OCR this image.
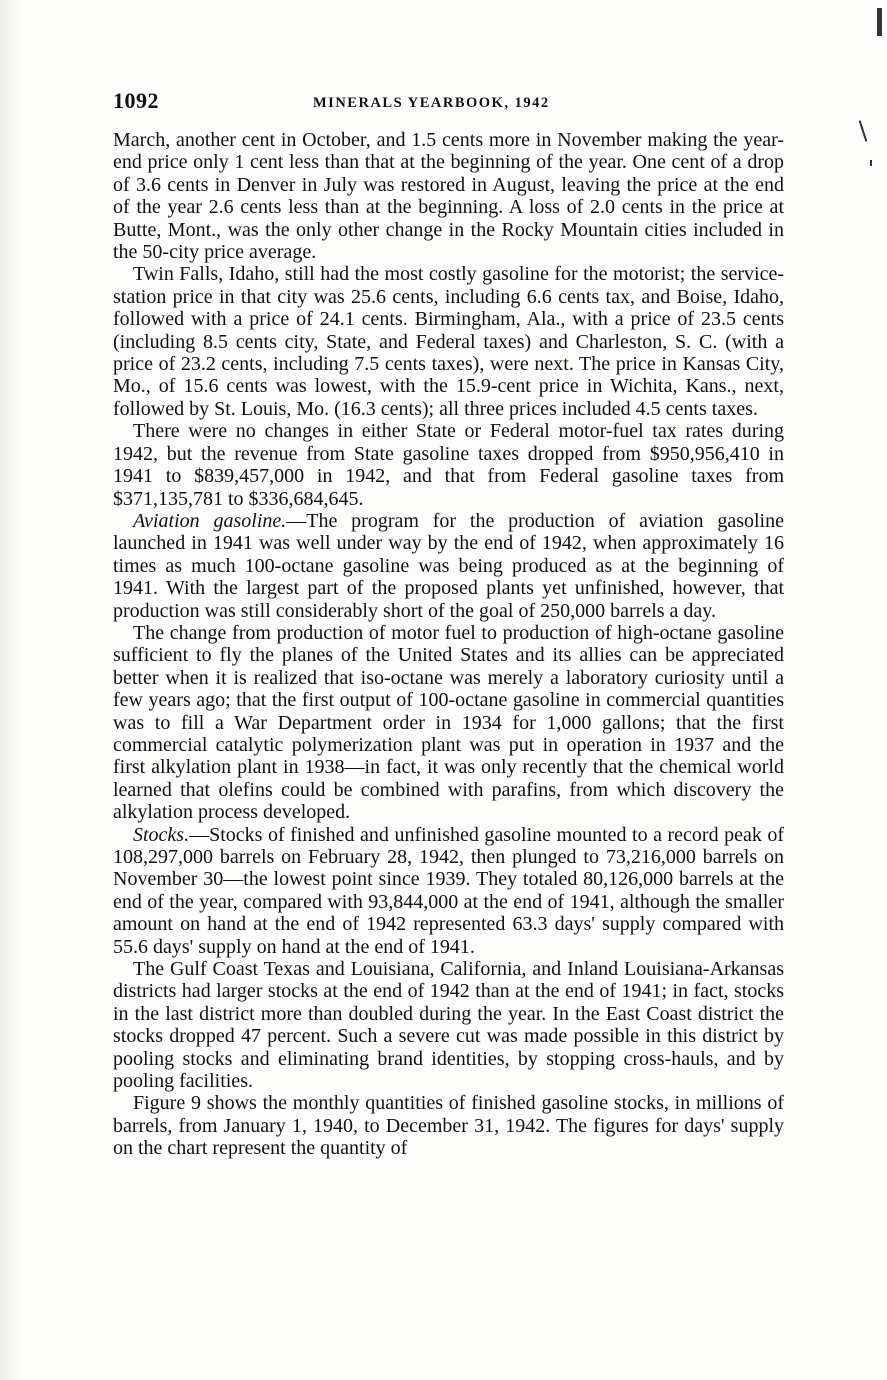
1092	MINERALS YEARBOOK, 1942

March, another cent in October, and 1.5 cents more in November making the year-end price only 1 cent less than that at the beginning of the year. One cent of a drop of 3.6 cents in Denver in July was restored in August, leaving the price at the end of the year 2.6 cents less than at the beginning. A loss of 2.0 cents in the price at Butte, Mont., was the only other change in the Rocky Mountain cities included in the 50-city price average.

Twin Falls, Idaho, still had the most costly gasoline for the motorist; the service-station price in that city was 25.6 cents, including 6.6 cents tax, and Boise, Idaho, followed with a price of 24.1 cents. Birmingham, Ala., with a price of 23.5 cents (including 8.5 cents city, State, and Federal taxes) and Charleston, S. C. (with a price of 23.2 cents, including 7.5 cents taxes), were next. The price in Kansas City, Mo., of 15.6 cents was lowest, with the 15.9-cent price in Wichita, Kans., next, followed by St. Louis, Mo. (16.3 cents); all three prices included 4.5 cents taxes.

There were no changes in either State or Federal motor-fuel tax rates during 1942, but the revenue from State gasoline taxes dropped from $950,956,410 in 1941 to $839,457,000 in 1942, and that from Federal gasoline taxes from $371,135,781 to $336,684,645.

Aviation gasoline.—The program for the production of aviation gasoline launched in 1941 was well under way by the end of 1942, when approximately 16 times as much 100-octane gasoline was being produced as at the beginning of 1941. With the largest part of the proposed plants yet unfinished, however, that production was still considerably short of the goal of 250,000 barrels a day.

The change from production of motor fuel to production of high-octane gasoline sufficient to fly the planes of the United States and its allies can be appreciated better when it is realized that iso-octane was merely a laboratory curiosity until a few years ago; that the first output of 100-octane gasoline in commercial quantities was to fill a War Department order in 1934 for 1,000 gallons; that the first commercial catalytic polymerization plant was put in operation in 1937 and the first alkylation plant in 1938—in fact, it was only recently that the chemical world learned that olefins could be combined with parafins, from which discovery the alkylation process developed.

Stocks.—Stocks of finished and unfinished gasoline mounted to a record peak of 108,297,000 barrels on February 28, 1942, then plunged to 73,216,000 barrels on November 30—the lowest point since 1939. They totaled 80,126,000 barrels at the end of the year, compared with 93,844,000 at the end of 1941, although the smaller amount on hand at the end of 1942 represented 63.3 days' supply compared with 55.6 days' supply on hand at the end of 1941.

The Gulf Coast Texas and Louisiana, California, and Inland Louisiana-Arkansas districts had larger stocks at the end of 1942 than at the end of 1941; in fact, stocks in the last district more than doubled during the year. In the East Coast district the stocks dropped 47 percent. Such a severe cut was made possible in this district by pooling stocks and eliminating brand identities, by stopping cross-hauls, and by pooling facilities.

Figure 9 shows the monthly quantities of finished gasoline stocks, in millions of barrels, from January 1, 1940, to December 31, 1942. The figures for days' supply on the chart represent the quantity of
